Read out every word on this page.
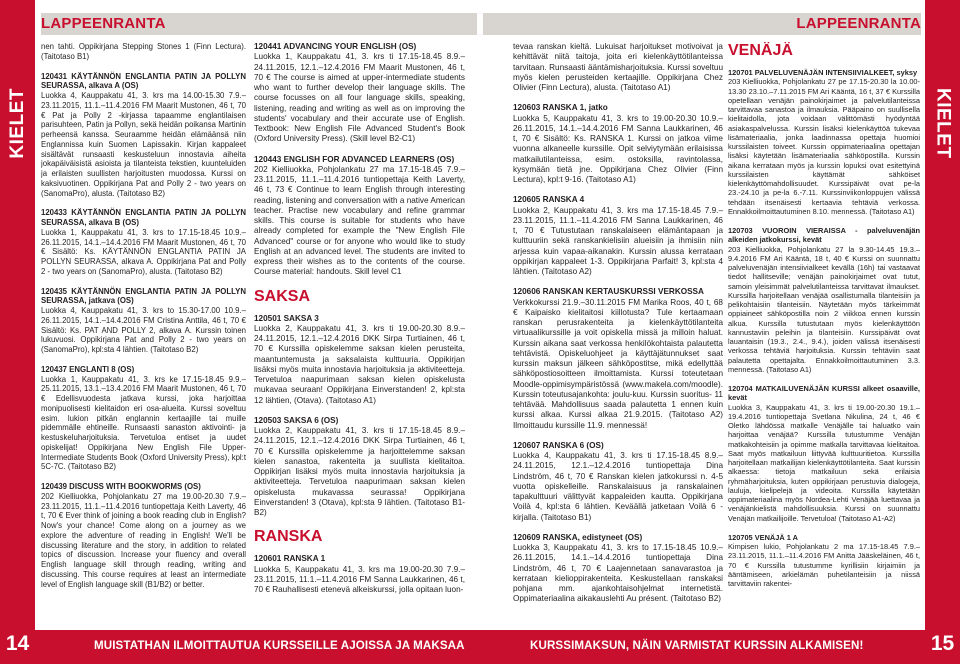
LAPPEENRANTA	LAPPEENRANTA
KIELET	KIELET

nen tahti. Oppikirjana Stepping Stones 1 (Finn Lectura). (Taitotaso B1)

120431 KÄYTÄNNÖN ENGLANTIA PATIN JA POLLYN SEURASSA, alkava A (OS)
Luokka 4, Kauppakatu 41, 3. krs ma 14.00-15.30 7.9.–23.11.2015, 11.1.–11.4.2016 FM Maarit Mustonen, 46 t, 70 € Pat ja Polly 2 -kirjassa tapaamme englantilaisen parisuhteen, Patin ja Pollyn, sekä heidän poikansa Martinin perheensä kanssa. Seuraamme heidän elämäänsä niin Englannissa kuin Suomen Lapissakin. Kirjan kappaleet sisältävät runsaasti keskusteluun innostavia aiheita jokapäiväisistä asioista ja tilanteista tekstien, kuunteluiden ja erilaisten suullisten harjoitusten muodossa. Kurssi on kaksivuotinen. Oppikirjana Pat and Polly 2 - two years on (SanomaPro), alusta. (Taitotaso B2)

120433 KÄYTÄNNÖN ENGLANTIA PATIN JA POLLYN SEURASSA, alkava B (OS)
Luokka 1, Kauppakatu 41, 3. krs to 17.15-18.45 10.9.–26.11.2015, 14.1.–14.4.2016 FM Maarit Mustonen, 46 t, 70 € Sisältö: Ks. KÄYTÄNNÖN ENGLANTIA PATIN JA POLLYN SEURASSA, alkava A. Oppikirjana Pat and Polly 2 - two years on (SanomaPro), alusta. (Taitotaso B2)

120435 KÄYTÄNNÖN ENGLANTIA PATIN JA POLLYN SEURASSA, jatkava (OS)
Luokka 4, Kauppakatu 41, 3. krs to 15.30-17.00 10.9.–26.11.2015, 14.1.–14.4.2016 FM Cristina Anttila, 46 t, 70 € Sisältö: Ks. PAT AND POLLY 2, alkava A. Kurssin toinen lukuvuosi. Oppikirjana Pat and Polly 2 - two years on (SanomaPro), kpl:sta 4 lähtien. (Taitotaso B2)

120437 ENGLANTI 8 (OS)
Luokka 1, Kauppakatu 41, 3. krs ke 17.15-18.45 9.9.–25.11.2015, 13.1.–13.4.2016 FM Maarit Mustonen, 46 t, 70 € Edellisvuodesta jatkava kurssi, joka harjoittaa monipuolisesti kielitaidon eri osa-alueita. Kurssi soveltuu esim. lukion pitkän englannin kertaajille tai muille pidemmälle ehtineille. Runsaasti sanaston aktivointi- ja kestuskeluharjoituksia. Tervetuloa entiset ja uudet opiskelijat! Oppikirjana New English File Upper-Intermediate Students Book (Oxford University Press), kpl:t 5C-7C. (Taitotaso B2)

120439 DISCUSS WITH BOOKWORMS (OS)
202 Kielliuokka, Pohjolankatu 27 ma 19.00-20.30 7.9.–23.11.2015, 11.1.–11.4.2016 tuntiopettaja Keith Laverty, 46 t, 70 € Ever think of joining a book reading club in English? Now's your chance! Come along on a journey as we explore the adventure of reading in English! We'll be discussing literature and the story, in addition to related topics of discussion. Increase your fluency and overall English language skill through reading, writing and discussing. This course requires at least an intermediate level of English language skill (B1/B2) or better.

120441 ADVANCING YOUR ENGLISH (OS)
Luokka 1, Kauppakatu 41, 3. krs ti 17.15-18.45 8.9.–24.11.2015, 12.1.–12.4.2016 FM Maarit Mustonen, 46 t, 70 € The course is aimed at upper-intermediate students who want to further develop their language skills. The course focusses on all four language skills, speaking, listening, reading and writing as well as on improving the students' vocabulary and their accurate use of English. Textbook: New English File Advanced Student's Book (Oxford University Press). (Skill level B2-C1)

120443 ENGLISH FOR ADVANCED LEARNERS (OS)
202 Kielliuokka, Pohjolankatu 27 ma 17.15-18.45 7.9.–23.11.2015, 11.1.–11.4.2016 tuntiopettaja Keith Laverty, 46 t, 73 € Continue to learn English through interesting reading, listening and conversation with a native American teacher. Practise new vocabulary and refine grammar skills. This course is suitable for students who have already completed for example the "New English File Advanced" course or for anyone who would like to study English at an advanced level. The students are invited to express their wishes as to the contents of the course. Course material: handouts. Skill level C1

SAKSA

120501 SAKSA 3
Luokka 2, Kauppakatu 41, 3. krs ti 19.00-20.30 8.9.–24.11.2015, 12.1.–12.4.2016 DKK Sirpa Turtiainen, 46 t, 70 € Kurssilla opiskelemme saksan kielen perusteita, maantuntemusta ja saksalaista kulttuuria. Oppikirjan lisäksi myös muita innostavia harjoituksia ja aktiviteetteja. Tervetuloa naapurimaan saksan kielen opiskelusta mukavaa seuraan! Oppikirjana Einverstanden! 2, kpl:sta 12 lähtien, (Otava). (Taitotaso A1)

120503 SAKSA 6 (OS)
Luokka 2, Kauppakatu 41, 3. krs ti 17.15-18.45 8.9.–24.11.2015, 12.1.–12.4.2016 DKK Sirpa Turtiainen, 46 t, 70 € Kurssilla opiskelemme ja harjoittelemme saksan kielen sanastoa, rakenteita ja suullista kielitaitoa. Oppikirjan lisäksi myös muita innostavia harjoituksia ja aktiviteetteja. Tervetuloa naapurimaan saksan kielen opiskelusta mukavassa seurassa! Oppikirjana Einverstanden! 3 (Otava), kpl:sta 9 lähtien. (Taitotaso B1-B2)

RANSKA

120601 RANSKA 1
Luokka 5, Kauppakatu 41, 3. krs ma 19.00-20.30 7.9.–23.11.2015, 11.1.–11.4.2016 FM Sanna Laukkarinen, 46 t, 70 € Rauhallisesti etenevä alkeiskurssi, jolla opitaan luon-

tevaa ranskan kieltä. Lukuisat harjoitukset motivoivat ja kehittävät niitä taitoja, joita eri kielenkäyttötilanteissa tarvitaan. Runsaasti ääntämisharjoituksia. Kurssi soveltuu myös kielen perusteiden kertaajille. Oppikirjana Chez Olivier (Finn Lectura), alusta. (Taitotaso A1)

120603 RANSKA 1, jatko
Luokka 5, Kauppakatu 41, 3. krs to 19.00-20.30 10.9.–26.11.2015, 14.1.–14.4.2016 FM Sanna Laukkarinen, 46 t, 70 € Sisältö: Ks. RANSKA 1. Kurssi on jatkoa viime vuonna alkaneelle kurssille. Opit selviytymään erilaisissa matkailutilanteissa, esim. ostoksilla, ravintolassa, kysymään tietä jne. Oppikirjana Chez Olivier (Finn Lectura), kpl:t 9-16. (Taitotaso A1)

120605 RANSKA 4
Luokka 2, Kauppakatu 41, 3. krs ma 17.15-18.45 7.9.–23.11.2015, 11.1.–11.4.2016 FM Sanna Laukkarinen, 46 t, 70 € Tutustutaan ranskalaiseen elämäntapaan ja kulttuuriin sekä ranskankielisiin alueisiin ja ihmisiin niin arjessa kuin vapaa-aikanakin. Kurssin alussa kerrataan oppikirjan kappaleet 1-3. Oppikirjana Parfait! 3, kpl:sta 4 lähtien. (Taitotaso A2)

120606 RANSKAN KERTAUSKURSSI VERKOSSA
Verkkokurssi 21.9.–30.11.2015 FM Marika Roos, 40 t, 68 € Kaipaisko kielitaitosi kiillotusta? Tule kertaamaan ranskan perusrakenteita ja kielenkäyttötilanteita virtuaalikurssille ja voit opiskella missä ja milloin haluat. Kurssin aikana saat verkossa henkilökohtaista palautetta tehtävistä. Opiskeluohjeet ja käyttäjätunnukset saat kurssin maksun jälkeen sähköpostitse, mikä edellyttää sähköpostiosoitteen ilmoittamista. Kurssi toteutetaan Moodle-oppimisympäristössä (www.makela.com/moodle). Kurssin toteutusajankohta: joulu-kuu. Kurssin suoritus- 11 tehtävää. Mahdollisuus saada palautetta 1 ennen kuin kurssi alkaa. Kurssi alkaa 21.9.2015. (Taitotaso A2) Ilmoittaudu kurssille 11.9. mennessä!

120607 RANSKA 6 (OS)
Luokka 4, Kauppakatu 41, 3. krs ti 17.15-18.45 8.9.–24.11.2015, 12.1.–12.4.2016 tuntiopettaja Dina Lindström, 46 t, 70 € Ranskan kielen jatkokurssi n. 4-5 vuotta opiskelleille. Ranskalaisuus ja ranskalainen tapakulttuuri välittyvät kappaleiden kautta. Oppikirjana Voilà 4, kpl:sta 6 lähtien. Keväällä jatketaan Voilà 6 -kirjalla. (Taitotaso B1)

120609 RANSKA, edistyneet (OS)
Luokka 3, Kauppakatu 41, 3. krs to 17.15-18.45 10.9.–26.11.2015, 14.1.–14.4.2016 tuntiopettaja Dina Lindström, 46 t, 70 € Laajennetaan sanavarastoa ja kerrataan kielioppirakenteita. Keskustellaan ranskaksi pohjana mm. ajankohtaisohjelmat internetistä. Oppimateriaalina aikakauslehti Au présent. (Taitotaso B2)

VENÄJÄ

120701 PALVELUVENÄJÄN INTENSIIVIALKEET, syksy
203 Kielliuokka, Pohjolankatu 27 pe 17.15-20.30 la 10.00-13.30 23.10.–7.11.2015 FM Ari Kääntä, 16 t, 37 € Kurssilla opetellaan venäjän painokirjaimet ja palvelutilanteissa tarvittavaa sanastoa ja ilmauksia. Pääpaino on suullisella kielitaidolla, jota voidaan välittömästi hyödyntää asiakaspalvelussa. Kurssin lisäksi kielenkäyttöä tukevaa lisämateriaalia, jonka laadinnassa opettaja huomioi kurssilaisten toiveet. Kurssin oppimateriaalina opettajan lisäksi käytetään lisämateriaalia sähköpostilla. Kurssin aikana kerrataan myös ja kurssin lopuksi ovat esitettyinä kurssilaisten käyttämät sähköiset kielenkäyttömahdollisuudet. Kurssipäivät ovat pe-la 23.-24.10 ja pe-la 6.-7.11. Kurssinviikonloppujen välissä tehdään itsenäisesti kertaavia tehtäviä verkossa. Ennakkoilmoittautuminen 8.10. mennessä. (Taitotaso A1)

120703 VUOROIN VIERAISSA - palveluvenäjän alkeiden jatkokurssi, kevät
203 Kielliuokka, Pohjolankatu 27 la 9.30-14.45 19.3.–9.4.2016 FM Ari Kääntä, 18 t, 40 € Kurssi on suunnattu palveluvenäjän intensiivialkeet kevällä (16h) tai vastaavat tiedot hallitseville; venäjän painokirjaimet ovat tutut, samoin yleisimmät palvelutilanteissa tarvittavat ilmaukset. Kurssilla harjoitellaan venäjää osallistumalla tilanteisiin ja pelikohtaisiin tilanteisiin. Näytetään myös tärkeimmät oppiaineet sähköpostilla noin 2 viikkoa ennen kurssin alkua. Kurssilla tutustutaan myös kielenkäyttöön kannustaviin peleihin ja tilanteisiin. Kurssipäivät ovat lauantaisin (19.3., 2.4., 9.4.), joiden välissä itsenäisesti verkossa tehtäviä harjoituksia. Kurssin tehtäviin saat palautetta opettajalta. Ennakkoilmoittautuminen 3.3. mennessä. (Taitotaso A1)

120704 MATKAILUVENÄJÄN KURSSI alkeet osaaville, kevät
Luokka 3, Kauppakatu 41, 3. krs ti 19.00-20.30 19.1.–19.4.2016 tuntiopettaja Svetlana Nikulina, 24 t, 46 € Oletko lähdössä matkalle Venäjälle tai haluatko vain harjoittaa venäjää? Kurssilla tutustumme Venäjän matkakohteisiin ja opimme matkalla tarvittavaa kielitaitoa. Saat myös matkailuun liittyvää kulttuuritietoa. Kurssilla harjoitellaan matkailijan kielenkäyttötilanteita. Saat kurssin alkaessa: tietoja matkailuun sekä erilaisia ryhmäharjoituksia, kuten oppikirjaan perustuvia dialogeja, lauluja, kielipelejä ja videoita. Kurssilla käytetään oppimateriaalina myös Nordea-Lehti Venäjää luettavaa ja venäjänkielistä mahdollisuuksia. Kurssi on suunnattu Venäjän matkailijoille. Tervetuloa! (Taitotaso A1-A2)

120705 VENÄJÄ 1 A
Kimpisen lukio, Pohjolankatu 2 ma 17.15-18.45 7.9.–23.11.2015, 11.1.–11.4.2016 FM Anitta Jääskeläinen, 46 t, 70 € Kurssilla tutustumme kyrillisiin kirjaimiin ja ääntämiseen, arkielämän puhetilanteisiin ja niissä tarvittaviin rakentei-

14	MUISTATHAN ILMOITTAUTUA KURSSEILLE AJOISSA JA MAKSAA	KURSSIMAKSUN, NÄIN VARMISTAT KURSSIN ALKAMISEN!	15
